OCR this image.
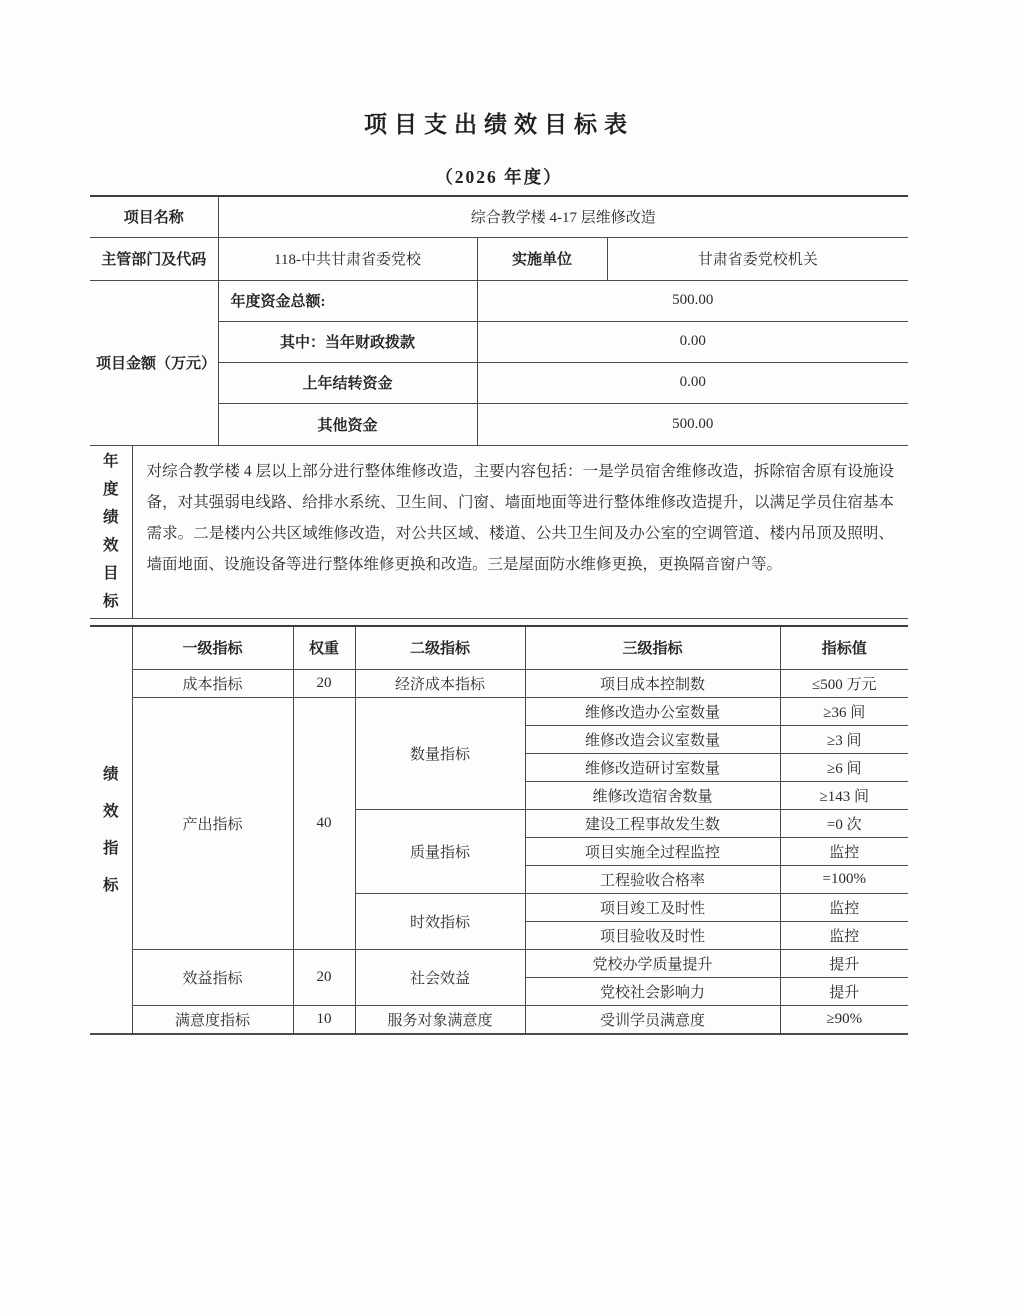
项目支出绩效目标表
（2026 年度）
项目名称	综合教学楼 4-17 层维修改造		
主管部门及代码	118-中共甘肃省委党校	实施单位	甘肃省委党校机关
项目金额（万元）	年度资金总额:	500.00	
	其中：当年财政拨款	0.00	
	上年结转资金	0.00	
	其他资金	500.00	
年
度
绩
效
目
标
	对综合教学楼 4 层以上部分进行整体维修改造，主要内容包括：一是学员宿舍维修改造，拆除宿舍原有设施设备，对其强弱电线路、给排水系统、卫生间、门窗、墙面地面等进行整体维修改造提升，以满足学员住宿基本需求。二是楼内公共区域维修改造，对公共区域、楼道、公共卫生间及办公室的空调管道、楼内吊顶及照明、墙面地面、设施设备等进行整体维修更换和改造。三是屋面防水维修更换，更换隔音窗户等。
绩
效
指
标	一级指标	权重	二级指标	三级指标	指标值
	成本指标	20	经济成本指标	项目成本控制数	≤500 万元
	产出指标	40	数量指标	维修改造办公室数量	≥36 间
				维修改造会议室数量	≥3 间
				维修改造研讨室数量	≥6 间
				维修改造宿舍数量	≥143 间
			质量指标	建设工程事故发生数	=0 次
				项目实施全过程监控	监控
				工程验收合格率	=100%
			时效指标	项目竣工及时性	监控
				项目验收及时性	监控
	效益指标	20	社会效益	党校办学质量提升	提升
				党校社会影响力	提升
	满意度指标	10	服务对象满意度	受训学员满意度	≥90%
